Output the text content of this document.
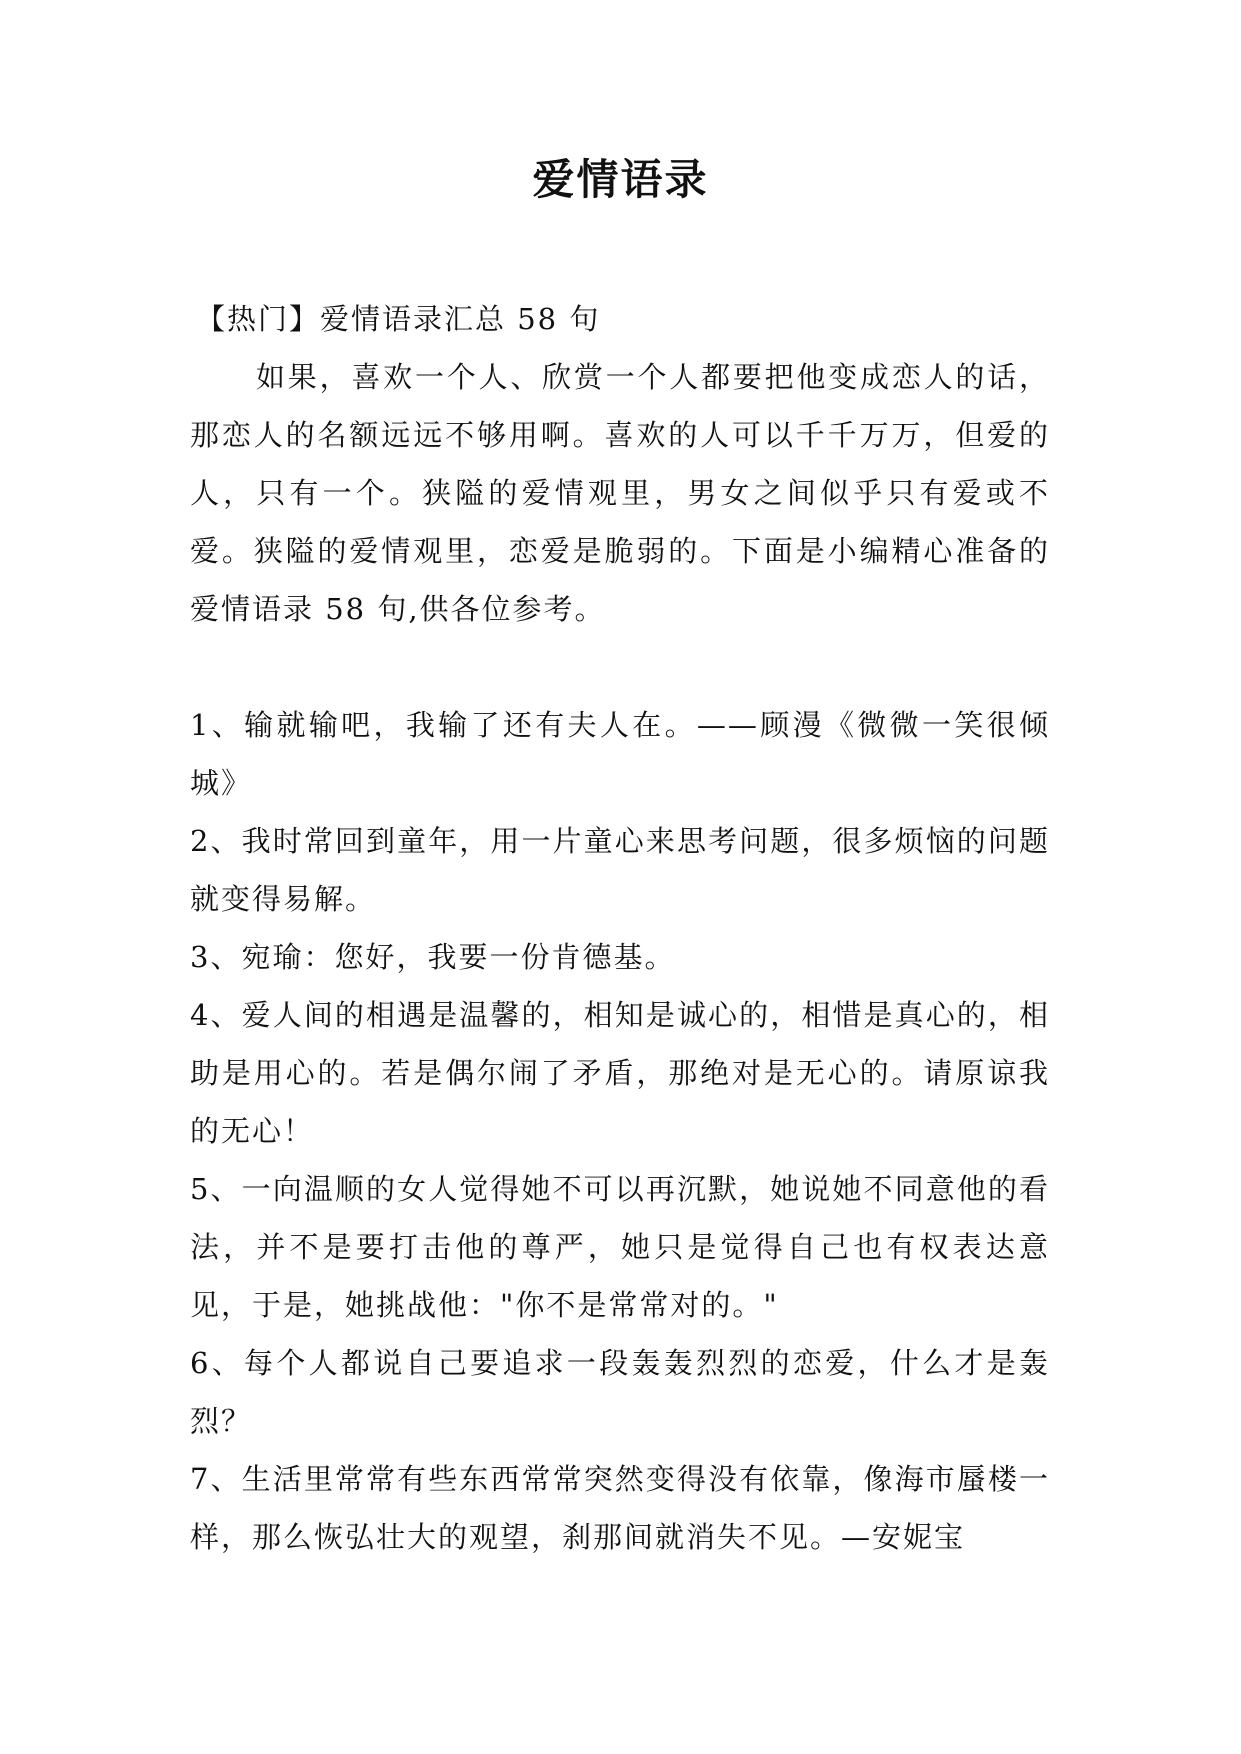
爱情语录

【热门】爱情语录汇总 58 句

如果，喜欢一个人、欣赏一个人都要把他变成恋人的话，那恋人的名额远远不够用啊。喜欢的人可以千千万万，但爱的人，只有一个。狭隘的爱情观里，男女之间似乎只有爱或不爱。狭隘的爱情观里，恋爱是脆弱的。下面是小编精心准备的爱情语录 58 句,供各位参考。

1、输就输吧，我输了还有夫人在。——顾漫《微微一笑很倾城》

2、我时常回到童年，用一片童心来思考问题，很多烦恼的问题就变得易解。

3、宛瑜：您好，我要一份肯德基。

4、爱人间的相遇是温馨的，相知是诚心的，相惜是真心的，相助是用心的。若是偶尔闹了矛盾，那绝对是无心的。请原谅我的无心！

5、一向温顺的女人觉得她不可以再沉默，她说她不同意他的看法，并不是要打击他的尊严，她只是觉得自己也有权表达意见，于是，她挑战他："你不是常常对的。"

6、每个人都说自己要追求一段轰轰烈烈的恋爱，什么才是轰烈？

7、生活里常常有些东西常常突然变得没有依靠，像海市蜃楼一样，那么恢弘壮大的观望，刹那间就消失不见。—安妮宝
